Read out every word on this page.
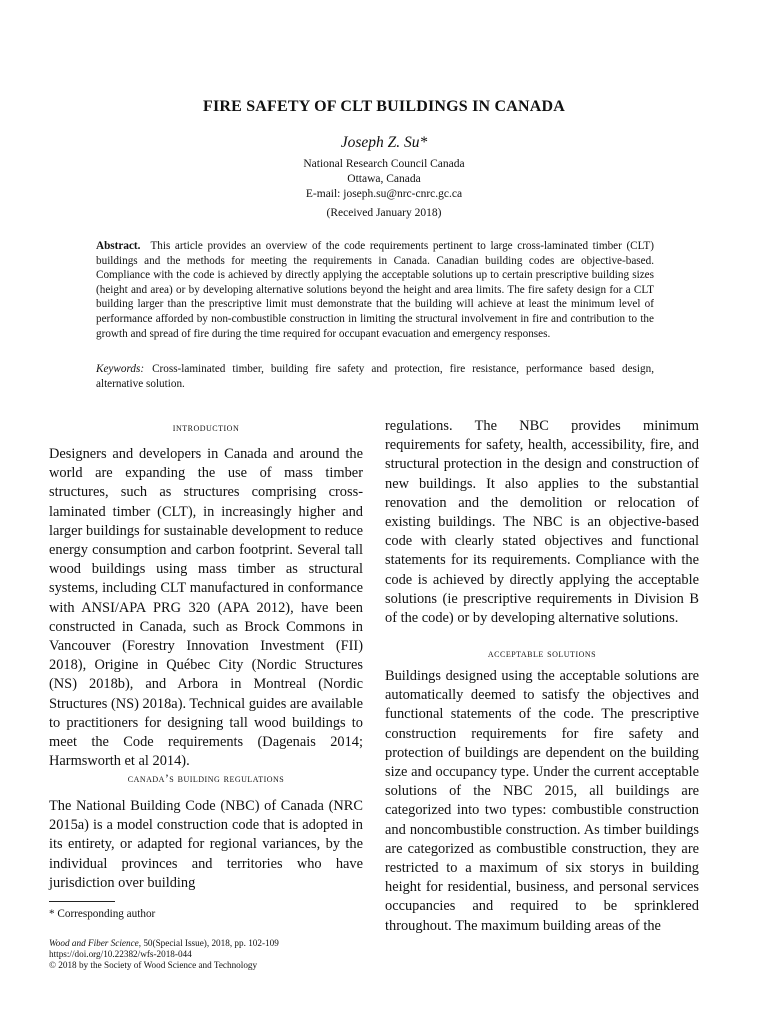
FIRE SAFETY OF CLT BUILDINGS IN CANADA
Joseph Z. Su*
National Research Council Canada
Ottawa, Canada
E-mail: joseph.su@nrc-cnrc.gc.ca
(Received January 2018)
Abstract. This article provides an overview of the code requirements pertinent to large cross-laminated timber (CLT) buildings and the methods for meeting the requirements in Canada. Canadian building codes are objective-based. Compliance with the code is achieved by directly applying the acceptable solutions up to certain prescriptive building sizes (height and area) or by developing alternative solutions beyond the height and area limits. The fire safety design for a CLT building larger than the prescriptive limit must demonstrate that the building will achieve at least the minimum level of performance afforded by non-combustible construction in limiting the structural involvement in fire and contribution to the growth and spread of fire during the time required for occupant evacuation and emergency responses.
Keywords: Cross-laminated timber, building fire safety and protection, fire resistance, performance based design, alternative solution.
introduction

Designers and developers in Canada and around the world are expanding the use of mass timber structures, such as structures comprising cross-laminated timber (CLT), in increasingly higher and larger buildings for sustainable development to reduce energy consumption and carbon footprint. Several tall wood buildings using mass timber as structural systems, including CLT manufactured in conformance with ANSI/APA PRG 320 (APA 2012), have been constructed in Canada, such as Brock Commons in Vancouver (Forestry Innovation Investment (FII) 2018), Origine in Québec City (Nordic Structures (NS) 2018b), and Arbora in Montreal (Nordic Structures (NS) 2018a). Technical guides are available to practitioners for designing tall wood buildings to meet the Code requirements (Dagenais 2014; Harmsworth et al 2014).

canada’s building regulations

The National Building Code (NBC) of Canada (NRC 2015a) is a model construction code that is adopted in its entirety, or adapted for regional variances, by the individual provinces and territories who have jurisdiction over building

* Corresponding author
Wood and Fiber Science, 50(Special Issue), 2018, pp. 102-109
https://doi.org/10.22382/wfs-2018-044
© 2018 by the Society of Wood Science and Technology

regulations. The NBC provides minimum requirements for safety, health, accessibility, fire, and structural protection in the design and construction of new buildings. It also applies to the substantial renovation and the demolition or relocation of existing buildings. The NBC is an objective-based code with clearly stated objectives and functional statements for its requirements. Compliance with the code is achieved by directly applying the acceptable solutions (ie prescriptive requirements in Division B of the code) or by developing alternative solutions.

acceptable solutions

Buildings designed using the acceptable solutions are automatically deemed to satisfy the objectives and functional statements of the code. The prescriptive construction requirements for fire safety and protection of buildings are dependent on the building size and occupancy type. Under the current acceptable solutions of the NBC 2015, all buildings are categorized into two types: combustible construction and noncombustible construction. As timber buildings are categorized as combustible construction, they are restricted to a maximum of six storys in building height for residential, business, and personal services occupancies and required to be sprinklered throughout. The maximum building areas of the
